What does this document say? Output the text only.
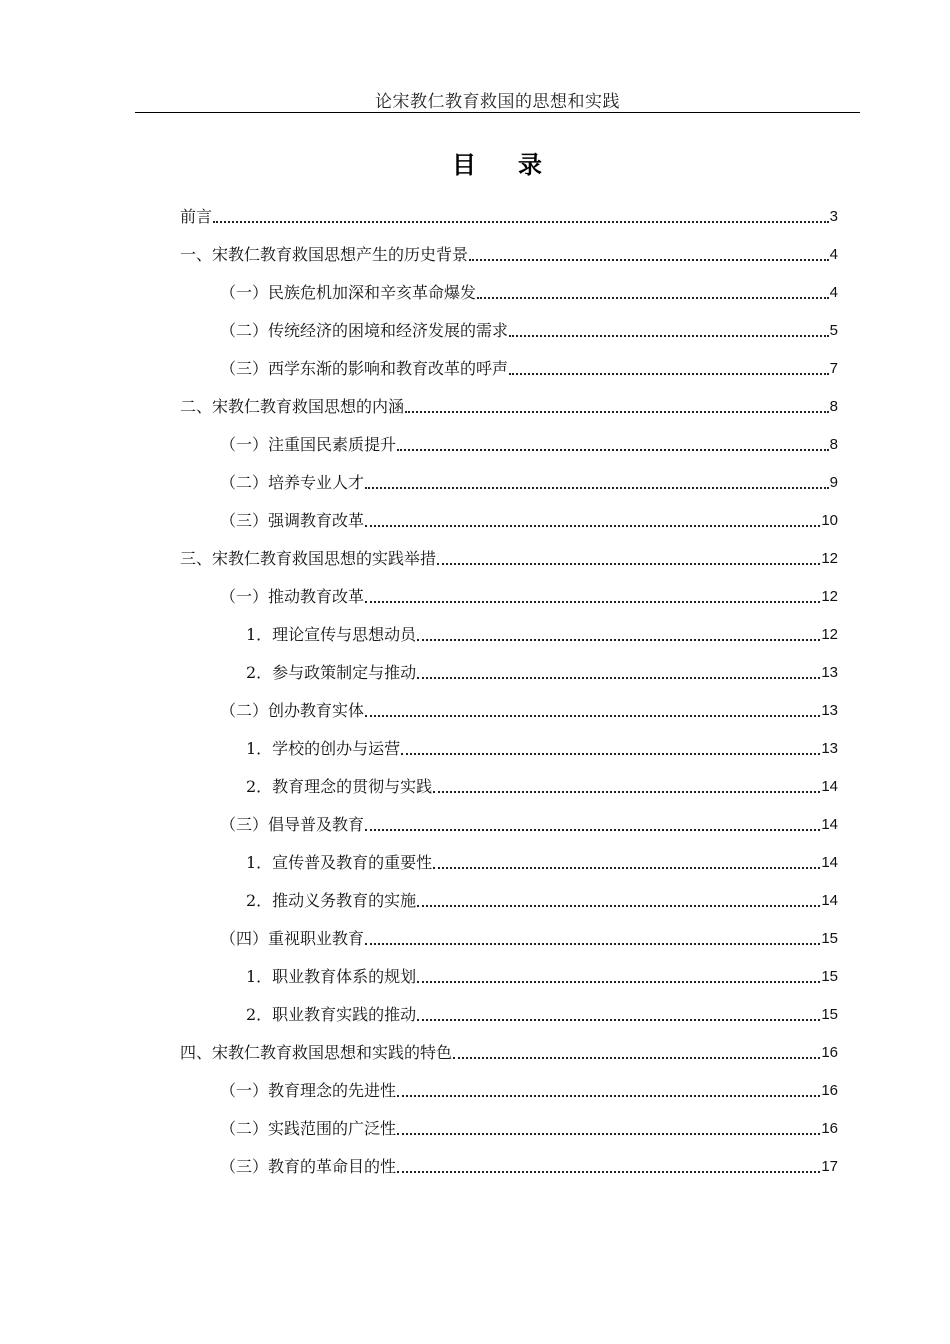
论宋教仁教育救国的思想和实践
目录
前言	3
一、宋教仁教育救国思想产生的历史背景	4
（一）民族危机加深和辛亥革命爆发	4
（二）传统经济的困境和经济发展的需求	5
（三）西学东渐的影响和教育改革的呼声	7
二、宋教仁教育救国思想的内涵	8
（一）注重国民素质提升	8
（二）培养专业人才	9
（三）强调教育改革	10
三、宋教仁教育救国思想的实践举措	12
（一）推动教育改革	12
1．理论宣传与思想动员	12
2．参与政策制定与推动	13
（二）创办教育实体	13
1．学校的创办与运营	13
2．教育理念的贯彻与实践	14
（三）倡导普及教育	14
1．宣传普及教育的重要性	14
2．推动义务教育的实施	14
（四）重视职业教育	15
1．职业教育体系的规划	15
2．职业教育实践的推动	15
四、宋教仁教育救国思想和实践的特色	16
（一）教育理念的先进性	16
（二）实践范围的广泛性	16
（三）教育的革命目的性	17
